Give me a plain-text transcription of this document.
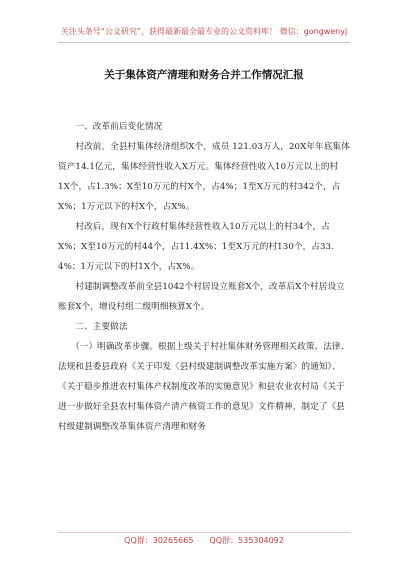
关注头条号“公文研究”，获得最新最全最专业的公文资料库！ 微信：gongwenyj
关于集体资产清理和财务合并工作情况汇报

　　一、改革前后变化情况

　　村改前，全县村集体经济组织X个，成员 121.03万人，20X年年底集体资产14.1亿元，集体经营性收入X万元。集体经营性收入10万元以上的村1X个，占1.3%；X至10万元的村X个，占4%；1至X万元的村342个，占X%；1万元以下的村X个，占X%。

　　村改后，现有X个行政村集体经营性收入10万元以上的村34个，占X%；X至10万元的村44个，占11.4X%；1至X万元的村130个，占33. 4%；1万元以下的村1X个，占X%。

　　村建制调整改革前全县1042个村居设立账套X个，改革后X个村居设立账套X个，增设村组二级明细核算X个。

　　二、主要做法

　　（一）明确改革步骤。根据上级关于村社集体财务管理相关政策、法律、法规和县委县政府《关于印发〈县村级建制调整改革实施方案〉的通知》、《关于稳步推进农村集体产权制度改革的实施意见》和县农业农村局《关于进一步做好全县农村集体资产清产核资工作的意见》文件精神，制定了《县村级建制调整改革集体资产清理和财务

QQ群：30265665　　QQ群：535304092
